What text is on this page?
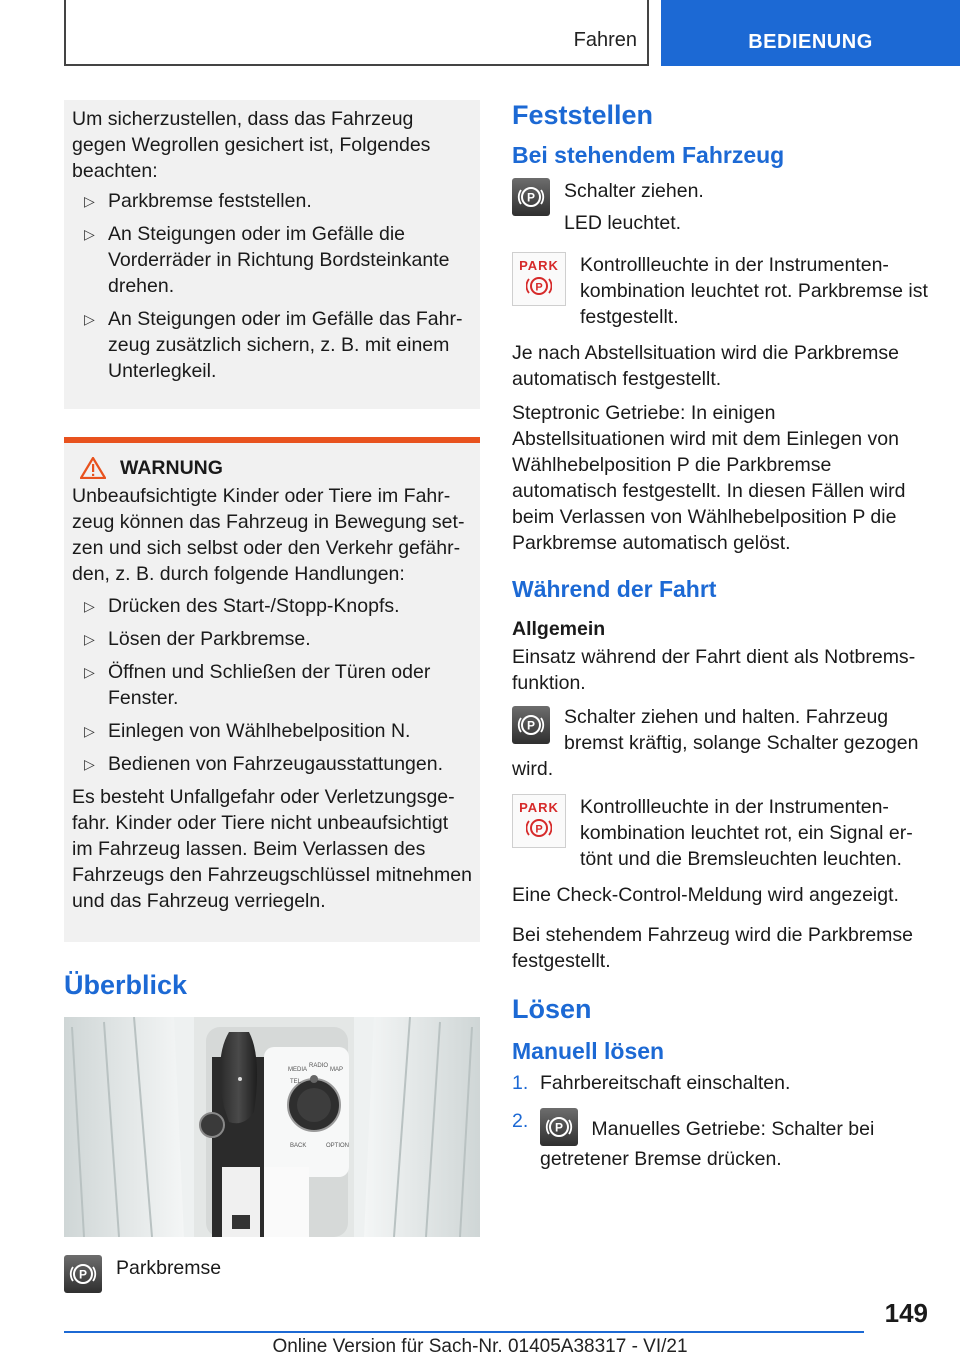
Fahren	BEDIENUNG

Um sicherzustellen, dass das Fahrzeug gegen Wegrollen gesichert ist, Folgendes beachten:

▷ Parkbremse feststellen.
▷ An Steigungen oder im Gefälle die Vorderräder in Richtung Bordsteinkante drehen.
▷ An Steigungen oder im Gefälle das Fahrzeug zusätzlich sichern, z. B. mit einem Unterlegkeil.
WARNUNG

Unbeaufsichtigte Kinder oder Tiere im Fahrzeug können das Fahrzeug in Bewegung setzen und sich selbst oder den Verkehr gefährden, z. B. durch folgende Handlungen:

▷ Drücken des Start-/Stopp-Knopfs.
▷ Lösen der Parkbremse.
▷ Öffnen und Schließen der Türen oder Fenster.
▷ Einlegen von Wählhebelposition N.
▷ Bedienen von Fahrzeugausstattungen.

Es besteht Unfallgefahr oder Verletzungsgefahr. Kinder oder Tiere nicht unbeaufsichtigt im Fahrzeug lassen. Beim Verlassen des Fahrzeugs den Fahrzeugschlüssel mitnehmen und das Fahrzeug verriegeln.

Überblick
MEDIA
RADIO
MAP
TEL
BACK	OPTION
P Parkbremse
Feststellen
Bei stehendem Fahrzeug
P Schalter ziehen.

LED leuchtet.

PARK
P
Kontrollleuchte in der Instrumentenkombination leuchtet rot. Parkbremse ist festgestellt.

Je nach Abstellsituation wird die Parkbremse automatisch festgestellt.

Steptronic Getriebe: In einigen Abstellsituationen wird mit dem Einlegen von Wählhebelposition P die Parkbremse automatisch festgestellt. In diesen Fällen wird beim Verlassen von Wählhebelposition P die Parkbremse automatisch gelöst.

Während der Fahrt
Allgemein

Einsatz während der Fahrt dient als Notbremsfunktion.

P Schalter ziehen und halten. Fahrzeug bremst kräftig, solange Schalter gezogen wird.
PARK
P
Kontrollleuchte in der Instrumentenkombination leuchtet rot, ein Signal ertönt und die Bremsleuchten leuchten.

Eine Check-Control-Meldung wird angezeigt.

Bei stehendem Fahrzeug wird die Parkbremse festgestellt.

Lösen
Manuell lösen
1. Fahrbereitschaft einschalten.
2. P Manuelles Getriebe: Schalter bei getretener Bremse drücken.
149
Online Version für Sach-Nr. 01405A38317 - VI/21
